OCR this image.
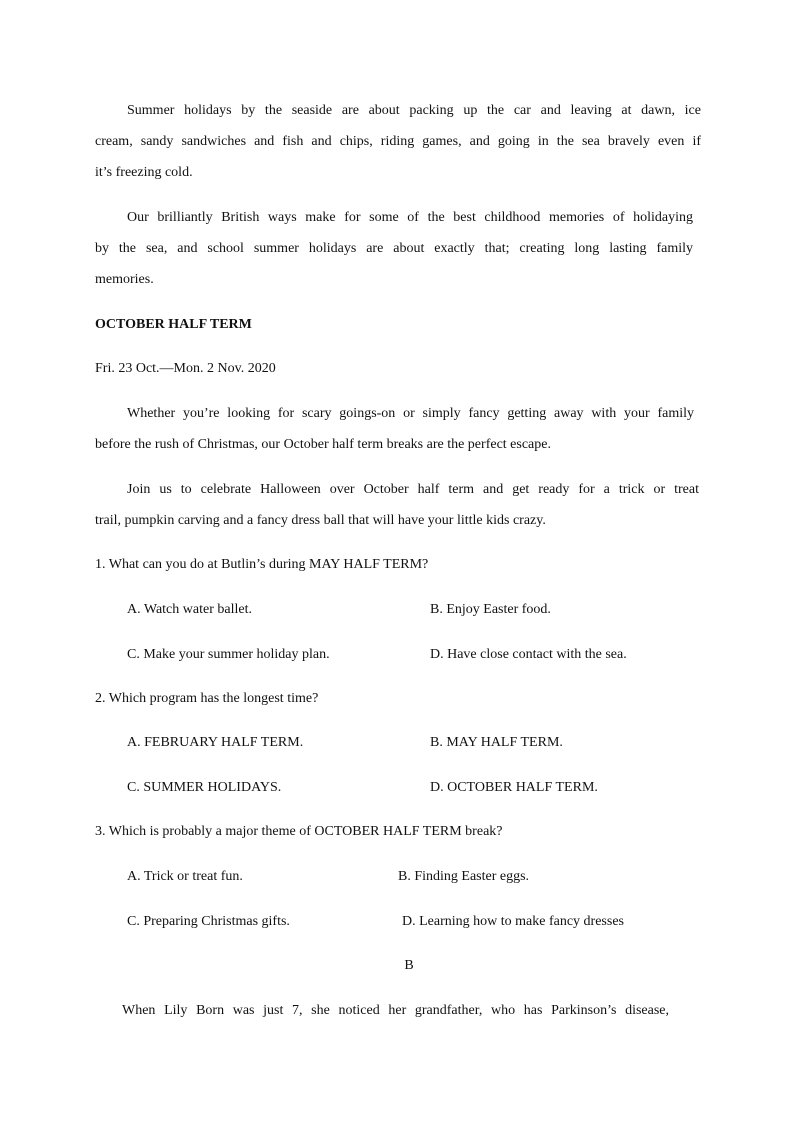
Summer holidays by the seaside are about packing up the car and leaving at dawn, ice
cream, sandy sandwiches and fish and chips, riding games, and going in the sea bravely even if
it’s freezing cold.
Our brilliantly British ways make for some of the best childhood memories of holidaying
by the sea, and school summer holidays are about exactly that; creating long lasting family
memories.
OCTOBER HALF TERM
Fri. 23 Oct.—Mon. 2 Nov. 2020
Whether you’re looking for scary goings-on or simply fancy getting away with your family
before the rush of Christmas, our October half term breaks are the perfect escape.
Join us to celebrate Halloween over October half term and get ready for a trick or treat
trail, pumpkin carving and a fancy dress ball that will have your little kids crazy.
1. What can you do at Butlin’s during MAY HALF TERM?
A. Watch water ballet.	B. Enjoy Easter food.
C. Make your summer holiday plan.	D. Have close contact with the sea.
2. Which program has the longest time?
A. FEBRUARY HALF TERM.	B. MAY HALF TERM.
C. SUMMER HOLIDAYS.	D. OCTOBER HALF TERM.
3. Which is probably a major theme of OCTOBER HALF TERM break?
A. Trick or treat fun.	B. Finding Easter eggs.
C. Preparing Christmas gifts.	D. Learning how to make fancy dresses
B
When Lily Born was just 7, she noticed her grandfather, who has Parkinson’s disease,
